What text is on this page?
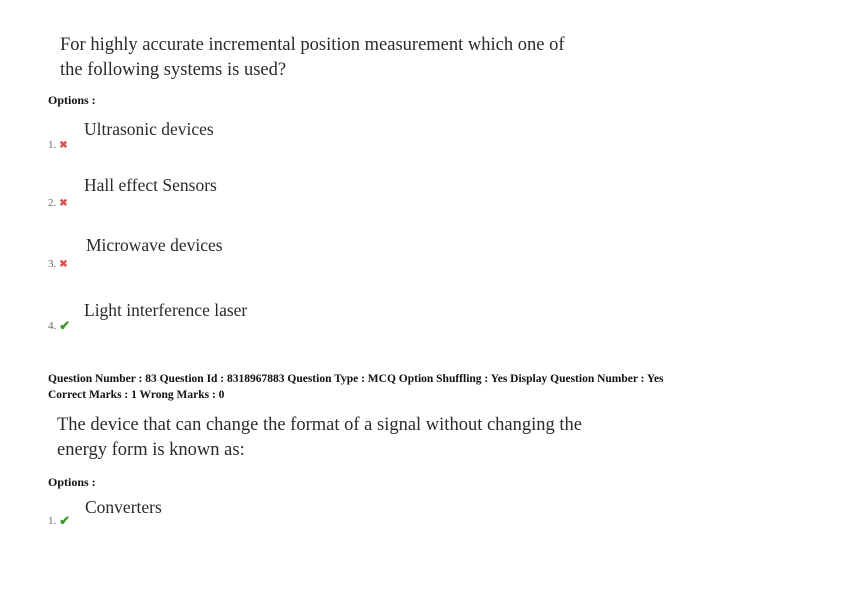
For highly accurate incremental position measurement which one of the following systems is used?
Options :
Ultrasonic devices
1. ✖
Hall effect Sensors
2. ✖
Microwave devices
3. ✖
Light interference laser
4. ✔
Question Number : 83 Question Id : 8318967883 Question Type : MCQ Option Shuffling : Yes Display Question Number : Yes
Correct Marks : 1 Wrong Marks : 0
The device that can change the format of a signal without changing the energy form is known as:
Options :
Converters
1. ✔
